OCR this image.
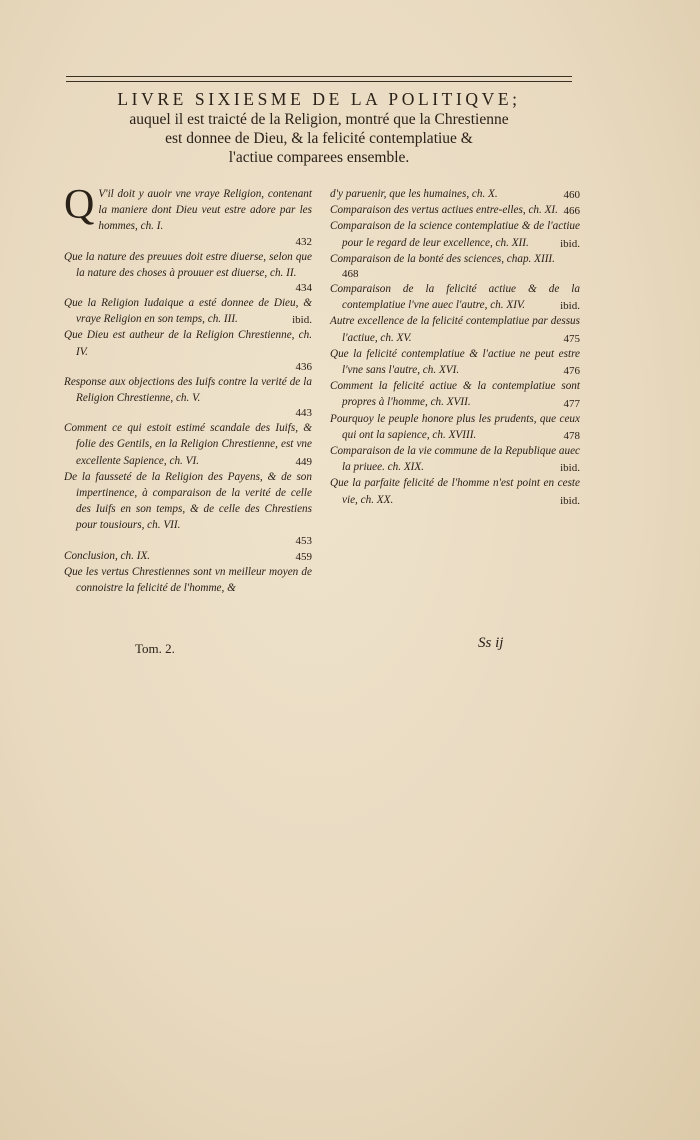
LIVRE SIXIESME DE LA POLITIQVE;
auquel il est traicté de la Religion, montré que la Chrestienne
est donnee de Dieu, & la felicité contemplatiue &
l'actiue comparees ensemble.
Q V'il doit y auoir vne vraye Religion, contenant la maniere dont Dieu veut estre adore par les hommes, ch. I.
432
Que la nature des preuues doit estre diuerse, selon que la nature des choses à prouuer est diuerse, ch. II.
434
Que la Religion Iudaique a esté donnee de Dieu, & vraye Religion en son temps, ch. III.	ibid.
Que Dieu est autheur de la Religion Chrestienne, ch. IV.
436
Response aux objections des Iuifs contre la verité de la Religion Chrestienne, ch. V.
443
Comment ce qui estoit estimé scandale des Iuifs, & folie des Gentils, en la Religion Chrestienne, est vne excellente Sapience, ch. VI.	449
De la fausseté de la Religion des Payens, & de son impertinence, à comparaison de la verité de celle des Iuifs en son temps, & de celle des Chrestiens pour tousiours, ch. VII.
453
Conclusion, ch. IX.	459
Que les vertus Chrestiennes sont vn meilleur moyen de connoistre la felicité de l'homme, &
d'y paruenir, que les humaines, ch. X.	460
Comparaison des vertus actiues entre-elles, ch. XI. 466
Comparaison de la science contemplatiue & de l'actiue pour le regard de leur excellence, ch. XII.	ibid.
Comparaison de la bonté des sciences, chap. XIII.
468
Comparaison de la felicité actiue & de la contemplatiue l'vne auec l'autre, ch. XIV.	ibid.
Autre excellence de la felicité contemplatiue par dessus l'actiue, ch. XV.	475
Que la felicité contemplatiue & l'actiue ne peut estre l'vne sans l'autre, ch. XVI.	476
Comment la felicité actiue & la contemplatiue sont propres à l'homme, ch. XVII.	477
Pourquoy le peuple honore plus les prudents, que ceux qui ont la sapience, ch. XVIII.	478
Comparaison de la vie commune de la Republique auec la priuee. ch. XIX.	ibid.
Que la parfaite felicité de l'homme n'est point en ceste vie, ch. XX.	ibid.
Tom. 2.	Ss ij
